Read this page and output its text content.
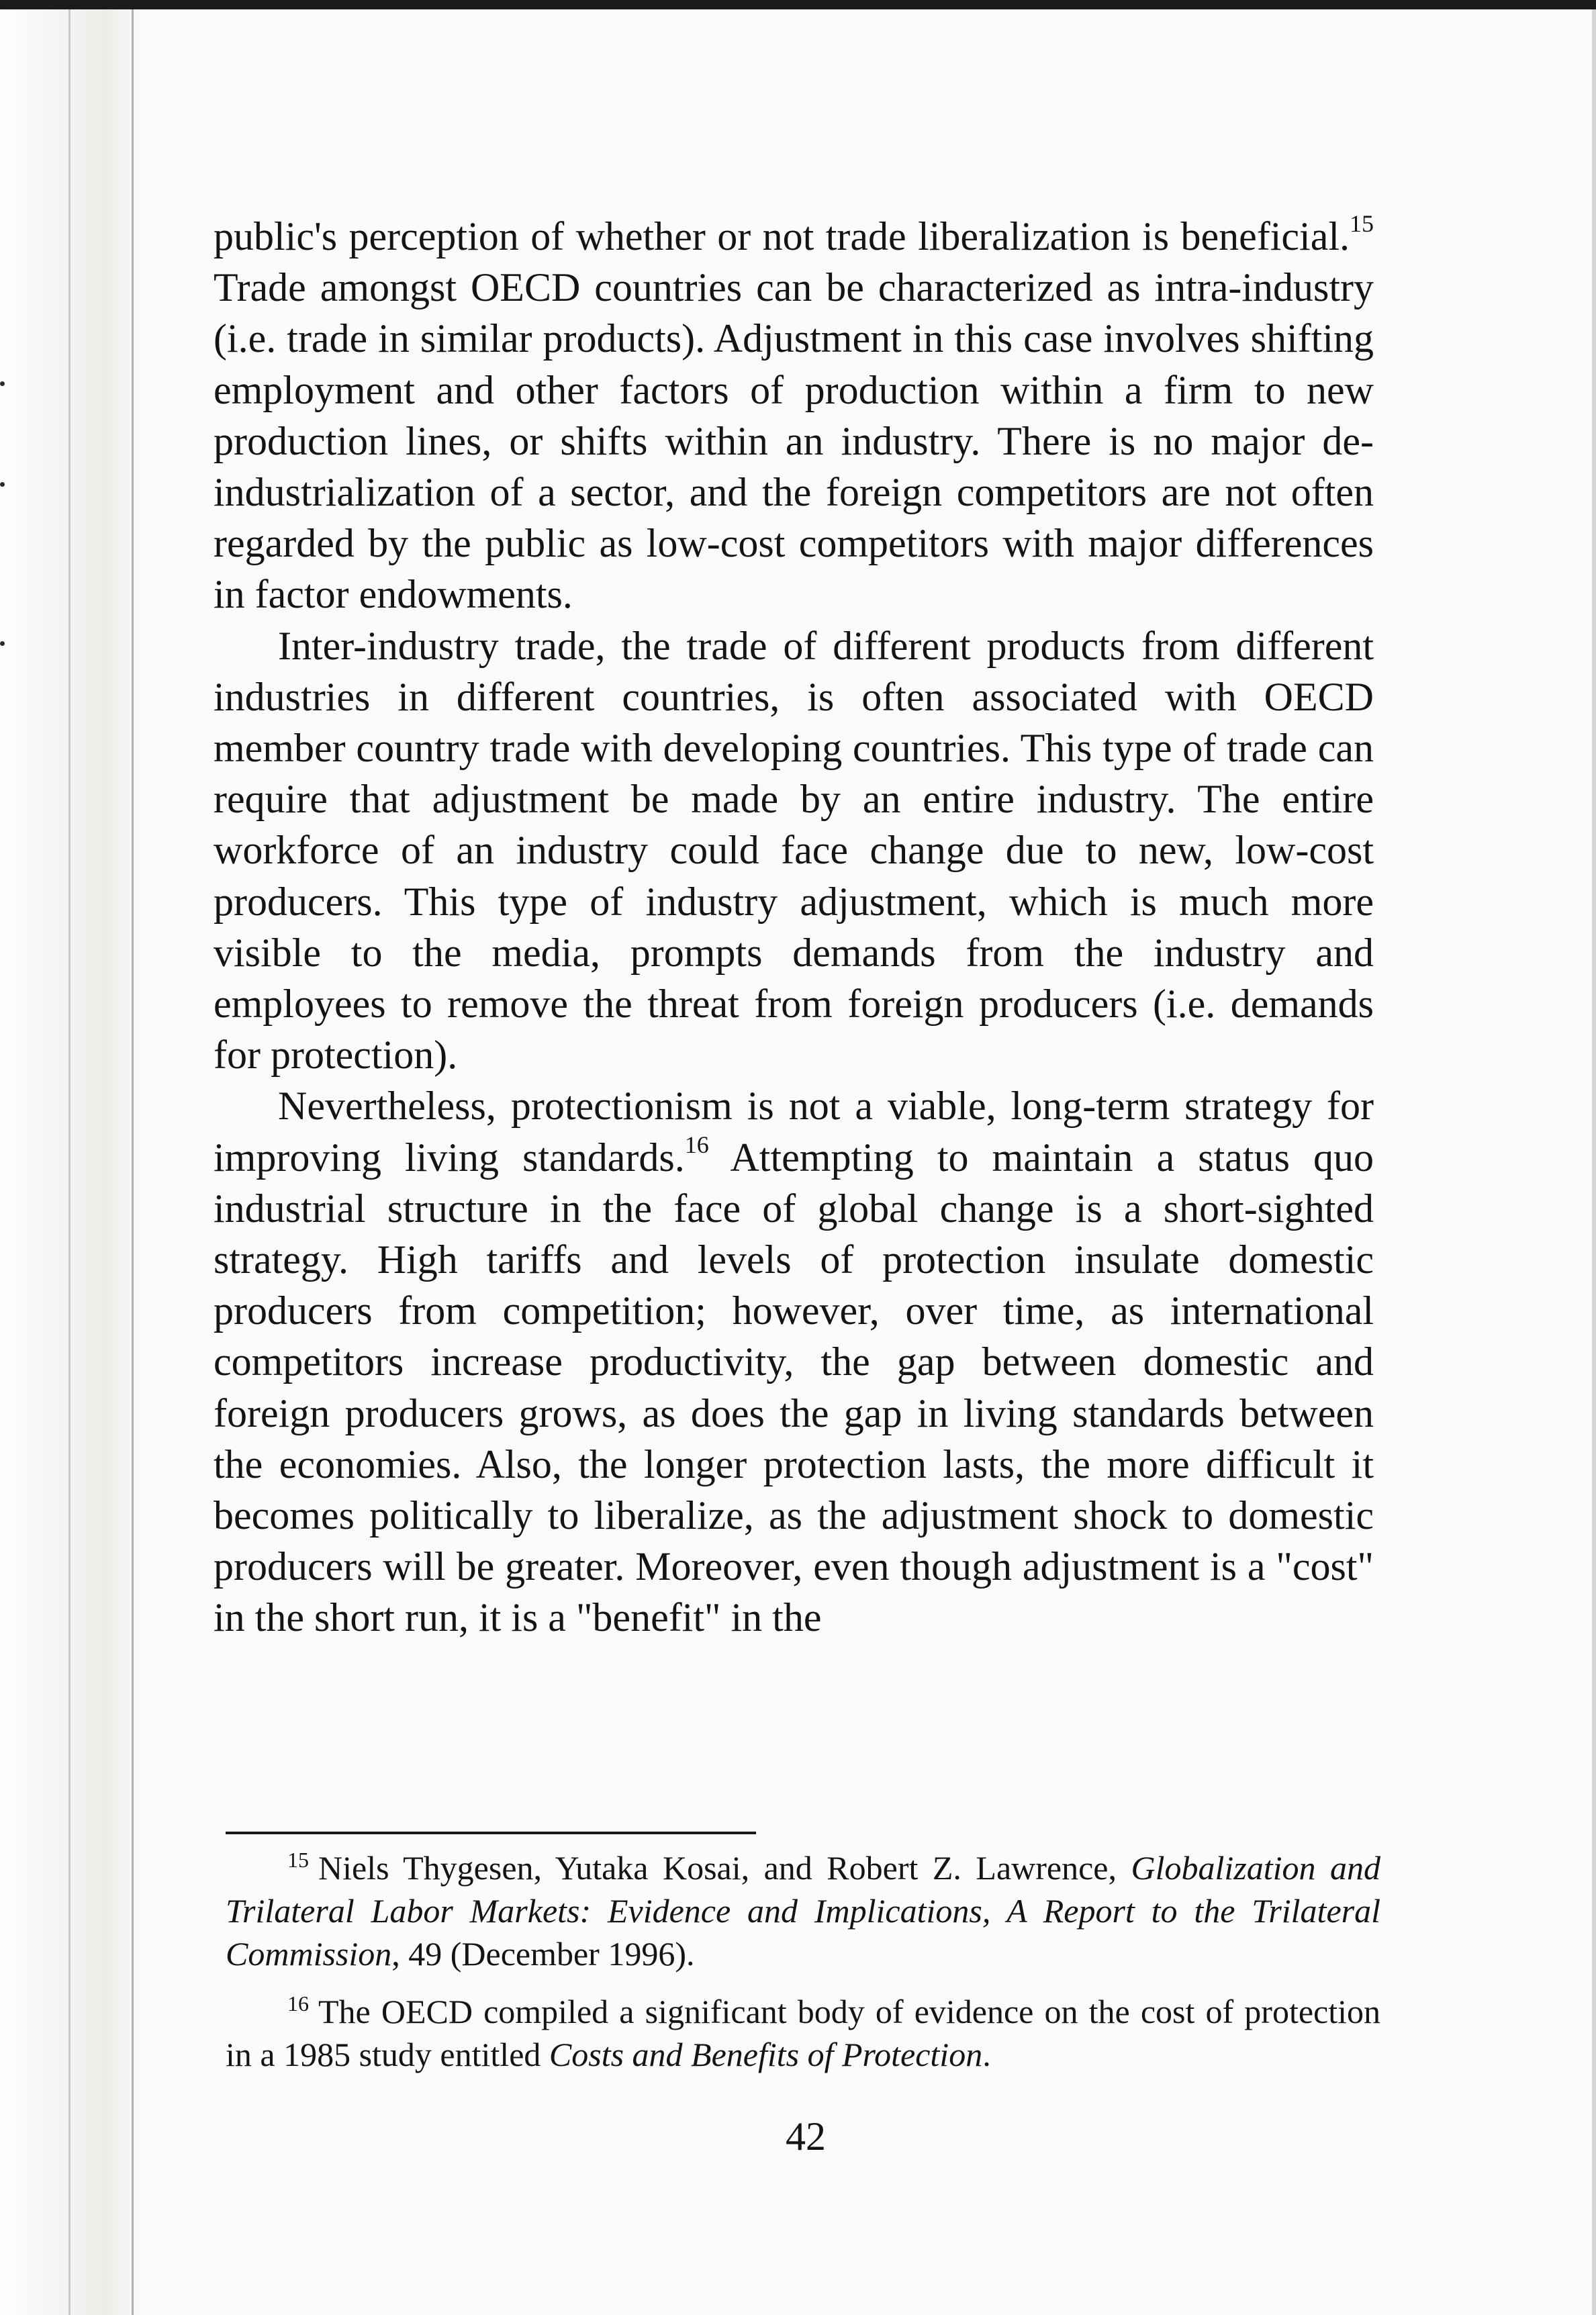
public's perception of whether or not trade liberalization is beneficial.$^{15}$ Trade amongst OECD countries can be characterized as intra-industry (i.e. trade in similar products). Adjustment in this case involves shifting employment and other factors of production within a firm to new production lines, or shifts within an industry. There is no major de-industrialization of a sector, and the foreign competitors are not often regarded by the public as low-cost competitors with major differences in factor endowments.

Inter-industry trade, the trade of different products from different industries in different countries, is often associated with OECD member country trade with developing countries. This type of trade can require that adjustment be made by an entire industry. The entire workforce of an industry could face change due to new, low-cost producers. This type of industry adjustment, which is much more visible to the media, prompts demands from the industry and employees to remove the threat from foreign producers (i.e. demands for protection).

Nevertheless, protectionism is not a viable, long-term strategy for improving living standards.$^{16}$ Attempting to maintain a status quo industrial structure in the face of global change is a short-sighted strategy. High tariffs and levels of protection insulate domestic producers from competition; however, over time, as international competitors increase productivity, the gap between domestic and foreign producers grows, as does the gap in living standards between the economies. Also, the longer protection lasts, the more difficult it becomes politically to liberalize, as the adjustment shock to domestic producers will be greater. Moreover, even though adjustment is a "cost" in the short run, it is a "benefit" in the

$^{15}$ Niels Thygesen, Yutaka Kosai, and Robert Z. Lawrence, Globalization and Trilateral Labor Markets: Evidence and Implications, A Report to the Trilateral Commission, 49 (December 1996).

$^{16}$ The OECD compiled a significant body of evidence on the cost of protection in a 1985 study entitled Costs and Benefits of Protection.

42
